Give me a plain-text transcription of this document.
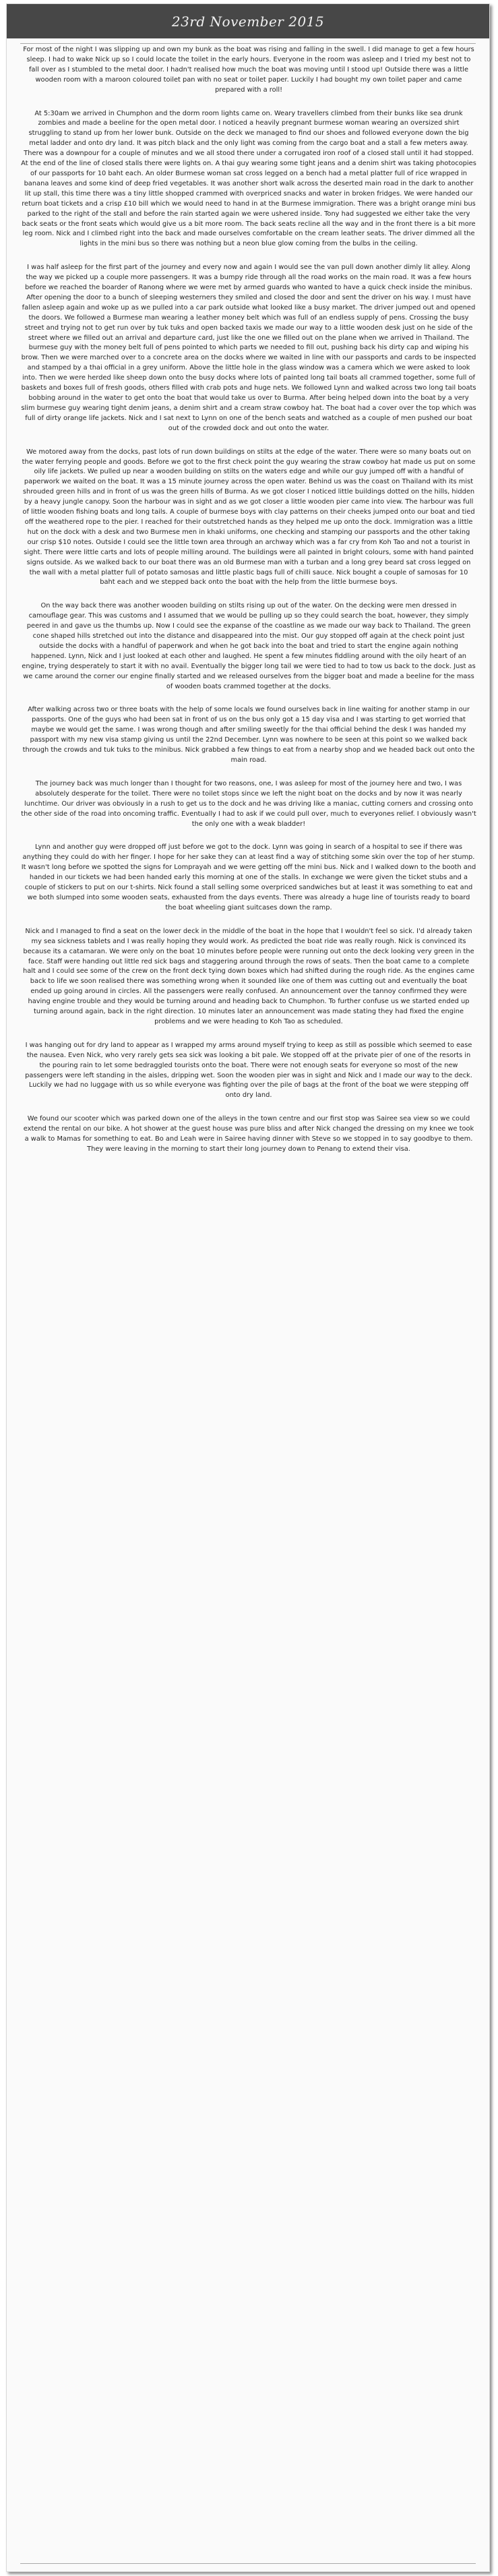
23rd November 2015

For most of the night I was slipping up and own my bunk as the boat was rising and falling in the swell. I did manage to get a few hours sleep. I had to wake Nick up so I could locate the toilet in the early hours. Everyone in the room was asleep and I tried my best not to fall over as I stumbled to the metal door. I hadn't realised how much the boat was moving until I stood up! Outside there was a little wooden room with a maroon coloured toilet pan with no seat or toilet paper. Luckily I had bought my own toilet paper and came prepared with a roll!

At 5:30am we arrived in Chumphon and the dorm room lights came on. Weary travellers climbed from their bunks like sea drunk zombies and made a beeline for the open metal door. I noticed a heavily pregnant burmese woman wearing an oversized shirt struggling to stand up from her lower bunk. Outside on the deck we managed to find our shoes and followed everyone down the big metal ladder and onto dry land. It was pitch black and the only light was coming from the cargo boat and a stall a few meters away. There was a downpour for a couple of minutes and we all stood there under a corrugated iron roof of a closed stall until it had stopped. At the end of the line of closed stalls there were lights on. A thai guy wearing some tight jeans and a denim shirt was taking photocopies of our passports for 10 baht each. An older Burmese woman sat cross legged on a bench had a metal platter full of rice wrapped in banana leaves and some kind of deep fried vegetables. It was another short walk across the deserted main road in the dark to another lit up stall, this time there was a tiny little shopped crammed with overpriced snacks and water in broken fridges. We were handed our return boat tickets and a crisp £10 bill which we would need to hand in at the Burmese immigration. There was a bright orange mini bus parked to the right of the stall and before the rain started again we were ushered inside. Tony had suggested we either take the very back seats or the front seats which would give us a bit more room. The back seats recline all the way and in the front there is a bit more leg room. Nick and I climbed right into the back and made ourselves comfortable on the cream leather seats. The driver dimmed all the lights in the mini bus so there was nothing but a neon blue glow coming from the bulbs in the ceiling.

I was half asleep for the first part of the journey and every now and again I would see the van pull down another dimly lit alley. Along the way we picked up a couple more passengers. It was a bumpy ride through all the road works on the main road. It was a few hours before we reached the boarder of Ranong where we were met by armed guards who wanted to have a quick check inside the minibus. After opening the door to a bunch of sleeping westerners they smiled and closed the door and sent the driver on his way. I must have fallen asleep again and woke up as we pulled into a car park outside what looked like a busy market. The driver jumped out and opened the doors. We followed a Burmese man wearing a leather money belt which was full of an endless supply of pens. Crossing the busy street and trying not to get run over by tuk tuks and open backed taxis we made our way to a little wooden desk just on he side of the street where we filled out an arrival and departure card, just like the one we filled out on the plane when we arrived in Thailand. The burmese guy with the money belt full of pens pointed to which parts we needed to fill out, pushing back his dirty cap and wiping his brow. Then we were marched over to a concrete area on the docks where we waited in line with our passports and cards to be inspected and stamped by a thai official in a grey uniform. Above the little hole in the glass window was a camera which we were asked to look into. Then we were herded like sheep down onto the busy docks where lots of painted long tail boats all crammed together, some full of baskets and boxes full of fresh goods, others filled with crab pots and huge nets. We followed Lynn and walked across two long tail boats bobbing around in the water to get onto the boat that would take us over to Burma. After being helped down into the boat by a very slim burmese guy wearing tight denim jeans, a denim shirt and a cream straw cowboy hat. The boat had a cover over the top which was full of dirty orange life jackets. Nick and I sat next to Lynn on one of the bench seats and watched as a couple of men pushed our boat out of the crowded dock and out onto the water.

We motored away from the docks, past lots of run down buildings on stilts at the edge of the water. There were so many boats out on the water ferrying people and goods. Before we got to the first check point the guy wearing the straw cowboy hat made us put on some oily life jackets. We pulled up near a wooden building on stilts on the waters edge and while our guy jumped off with a handful of paperwork we waited on the boat. It was a 15 minute journey across the open water. Behind us was the coast on Thailand with its mist shrouded green hills and in front of us was the green hills of Burma. As we got closer I noticed little buildings dotted on the hills, hidden by a heavy jungle canopy. Soon the harbour was in sight and as we got closer a little wooden pier came into view. The harbour was full of little wooden fishing boats and long tails. A couple of burmese boys with clay patterns on their cheeks jumped onto our boat and tied off the weathered rope to the pier. I reached for their outstretched hands as they helped me up onto the dock. Immigration was a little hut on the dock with a desk and two Burmese men in khaki uniforms, one checking and stamping our passports and the other taking our crisp $10 notes. Outside I could see the little town area through an archway which was a far cry from Koh Tao and not a tourist in sight. There were little carts and lots of people milling around. The buildings were all painted in bright colours, some with hand painted signs outside. As we walked back to our boat there was an old Burmese man with a turban and a long grey beard sat cross legged on the wall with a metal platter full of potato samosas and little plastic bags full of chilli sauce. Nick bought a couple of samosas for 10 baht each and we stepped back onto the boat with the help from the little burmese boys.

On the way back there was another wooden building on stilts rising up out of the water. On the decking were men dressed in camouflage gear. This was customs and I assumed that we would be pulling up so they could search the boat, however, they simply peered in and gave us the thumbs up. Now I could see the expanse of the coastline as we made our way back to Thailand. The green cone shaped hills stretched out into the distance and disappeared into the mist. Our guy stopped off again at the check point just outside the docks with a handful of paperwork and when he got back into the boat and tried to start the engine again nothing happened. Lynn, Nick and I just looked at each other and laughed. He spent a few minutes fiddling around with the oily heart of an engine, trying desperately to start it with no avail. Eventually the bigger long tail we were tied to had to tow us back to the dock. Just as we came around the corner our engine finally started and we released ourselves from the bigger boat and made a beeline for the mass of wooden boats crammed together at the docks.

After walking across two or three boats with the help of some locals we found ourselves back in line waiting for another stamp in our passports. One of the guys who had been sat in front of us on the bus only got a 15 day visa and I was starting to get worried that maybe we would get the same. I was wrong though and after smiling sweetly for the thai official behind the desk I was handed my passport with my new visa stamp giving us until the 22nd December. Lynn was nowhere to be seen at this point so we walked back through the crowds and tuk tuks to the minibus. Nick grabbed a few things to eat from a nearby shop and we headed back out onto the main road.

The journey back was much longer than I thought for two reasons, one, I was asleep for most of the journey here and two, I was absolutely desperate for the toilet. There were no toilet stops since we left the night boat on the docks and by now it was nearly lunchtime. Our driver was obviously in a rush to get us to the dock and he was driving like a maniac, cutting corners and crossing onto the other side of the road into oncoming traffic. Eventually I had to ask if we could pull over, much to everyones relief. I obviously wasn't the only one with a weak bladder!

Lynn and another guy were dropped off just before we got to the dock. Lynn was going in search of a hospital to see if there was anything they could do with her finger. I hope for her sake they can at least find a way of stitching some skin over the top of her stump. It wasn't long before we spotted the signs for Lomprayah and we were getting off the mini bus. Nick and I walked down to the booth and handed in our tickets we had been handed early this morning at one of the stalls. In exchange we were given the ticket stubs and a couple of stickers to put on our t-shirts. Nick found a stall selling some overpriced sandwiches but at least it was something to eat and we both slumped into some wooden seats, exhausted from the days events. There was already a huge line of tourists ready to board the boat wheeling giant suitcases down the ramp.

Nick and I managed to find a seat on the lower deck in the middle of the boat in the hope that I wouldn't feel so sick. I'd already taken my sea sickness tablets and I was really hoping they would work. As predicted the boat ride was really rough. Nick is convinced its because its a catamaran. We were only on the boat 10 minutes before people were running out onto the deck looking very green in the face. Staff were handing out little red sick bags and staggering around through the rows of seats. Then the boat came to a complete halt and I could see some of the crew on the front deck tying down boxes which had shifted during the rough ride. As the engines came back to life we soon realised there was something wrong when it sounded like one of them was cutting out and eventually the boat ended up going around in circles. All the passengers were really confused. An announcement over the tannoy confirmed they were having engine trouble and they would be turning around and heading back to Chumphon. To further confuse us we started ended up turning around again, back in the right direction. 10 minutes later an announcement was made stating they had fixed the engine problems and we were heading to Koh Tao as scheduled.

I was hanging out for dry land to appear as I wrapped my arms around myself trying to keep as still as possible which seemed to ease the nausea. Even Nick, who very rarely gets sea sick was looking a bit pale. We stopped off at the private pier of one of the resorts in the pouring rain to let some bedraggled tourists onto the boat. There were not enough seats for everyone so most of the new passengers were left standing in the aisles, dripping wet. Soon the wooden pier was in sight and Nick and I made our way to the deck. Luckily we had no luggage with us so while everyone was fighting over the pile of bags at the front of the boat we were stepping off onto dry land.

We found our scooter which was parked down one of the alleys in the town centre and our first stop was Sairee sea view so we could extend the rental on our bike. A hot shower at the guest house was pure bliss and after Nick changed the dressing on my knee we took a walk to Mamas for something to eat. Bo and Leah were in Sairee having dinner with Steve so we stopped in to say goodbye to them. They were leaving in the morning to start their long journey down to Penang to extend their visa.
